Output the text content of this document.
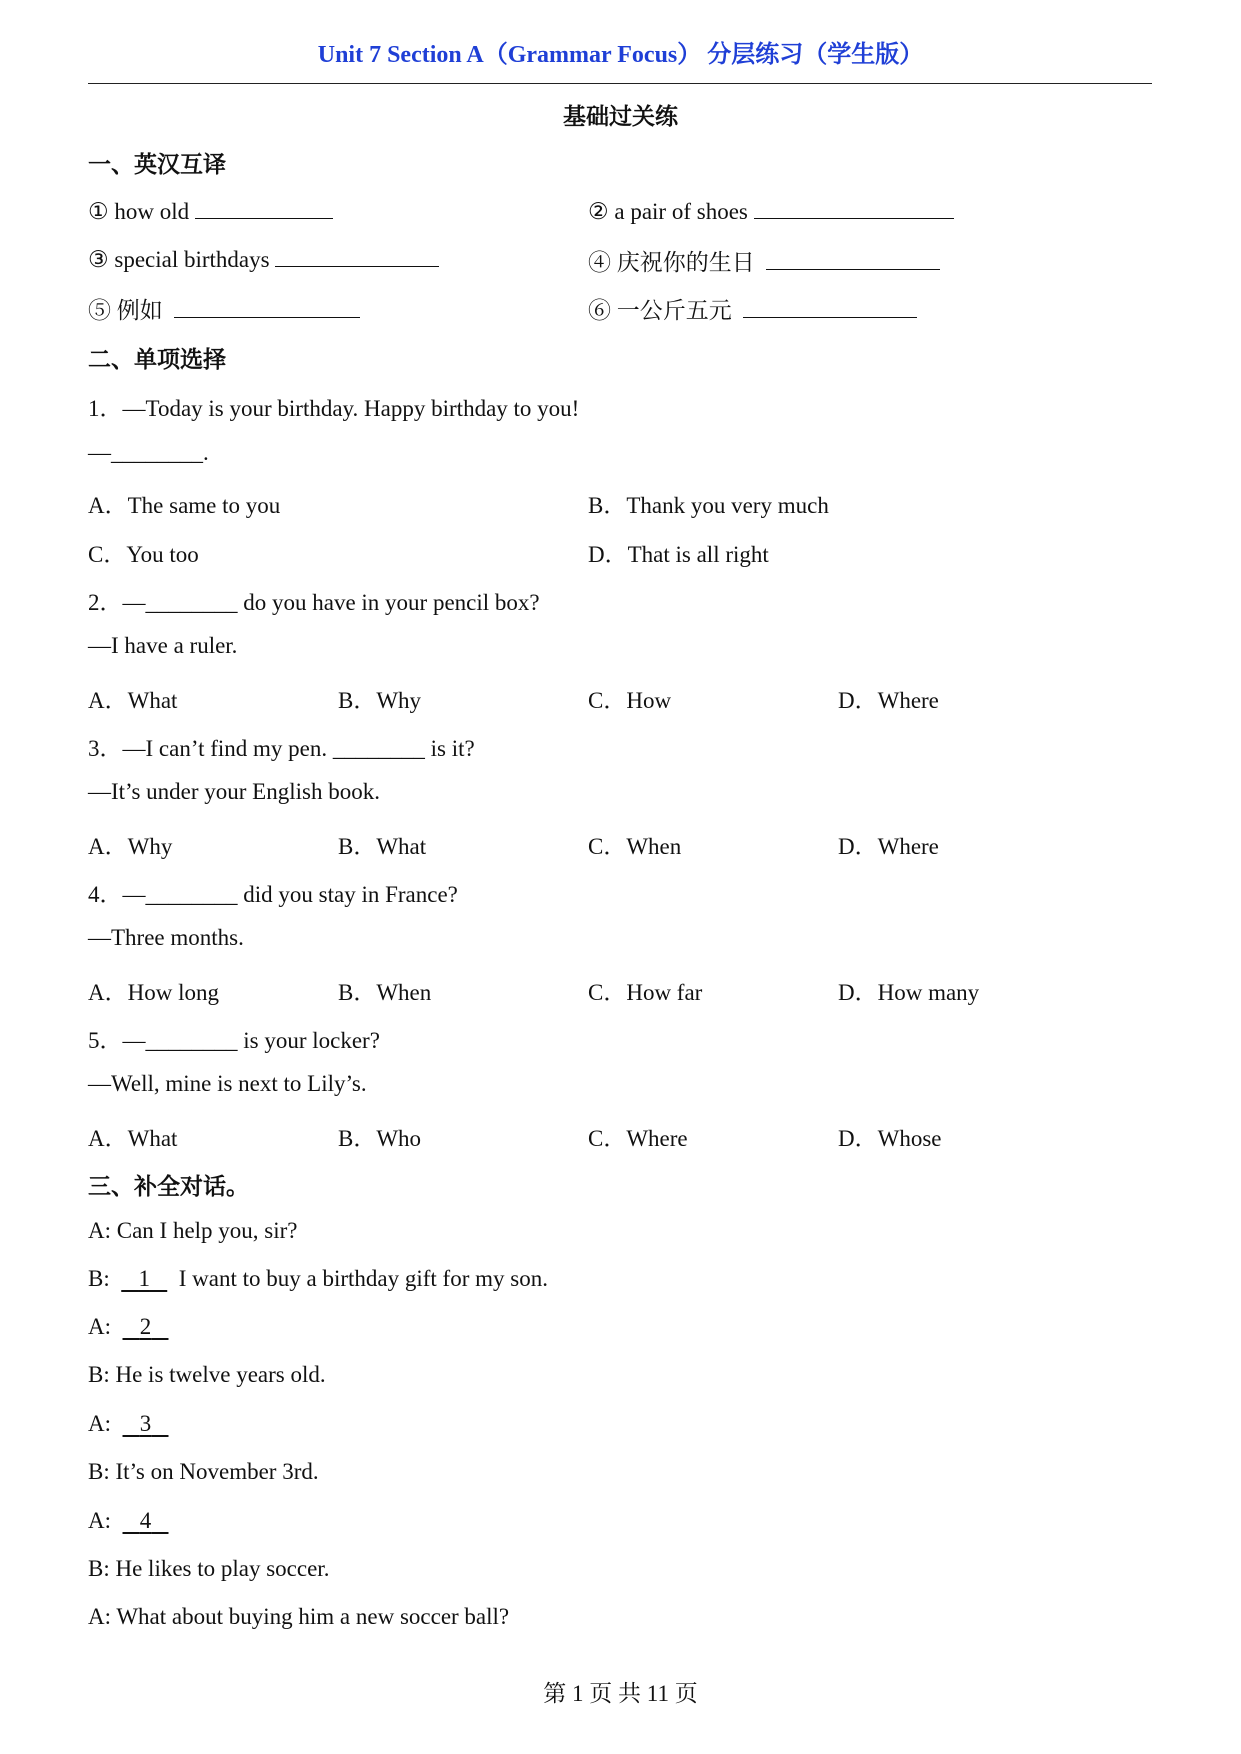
Unit 7 Section A（Grammar Focus） 分层练习（学生版）
基础过关练
一、英汉互译
① how old	② a pair of shoes
③ special birthdays	④ 庆祝你的生日
⑤ 例如	⑥ 一公斤五元
二、单项选择
1．—Today is your birthday. Happy birthday to you!
—________.
A．The same to you	B．Thank you very much
C．You too	D．That is all right
2．—________ do you have in your pencil box?
—I have a ruler.
A．What	B．Why	C．How	D．Where
3．—I can’t find my pen. ________ is it?
—It’s under your English book.
A．Why	B．What	C．When	D．Where
4．—________ did you stay in France?
—Three months.
A．How long	B．When	C．How far	D．How many
5．—________ is your locker?
—Well, mine is next to Lily’s.
A．What	B．Who	C．Where	D．Whose
三、补全对话。
A: Can I help you, sir?
B: 1 I want to buy a birthday gift for my son.
A: 2
B: He is twelve years old.
A: 3
B: It’s on November 3rd.
A: 4
B: He likes to play soccer.
A: What about buying him a new soccer ball?
第 1 页 共 11 页
